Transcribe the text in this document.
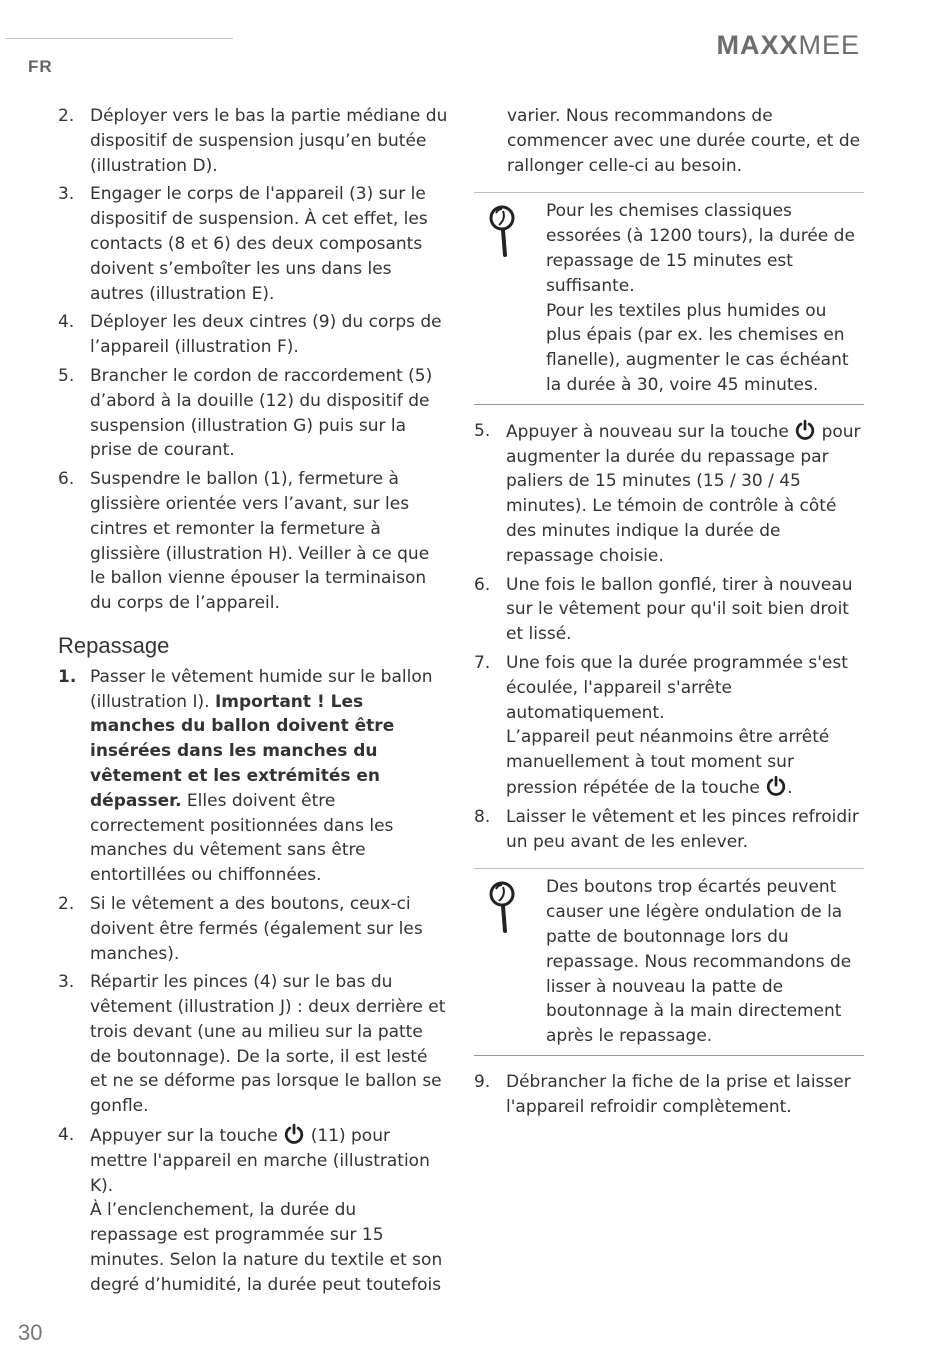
FR
MAXXMEE
30
2. Déployer vers le bas la partie médiane du dispositif de suspension jusqu’en butée (illustration D).
3. Engager le corps de l'appareil (3) sur le dispositif de suspension. À cet effet, les contacts (8 et 6) des deux composants doivent s’emboîter les uns dans les autres (illustration E).
4. Déployer les deux cintres (9) du corps de l’appareil (illustration F).
5. Brancher le cordon de raccordement (5) d’abord à la douille (12) du dispositif de suspension (illustration G) puis sur la prise de courant.
6. Suspendre le ballon (1), fermeture à glissière orientée vers l’avant, sur les cintres et remonter la fermeture à glissière (illustration H). Veiller à ce que le ballon vienne épouser la terminaison du corps de l’appareil.
Repassage
1. Passer le vêtement humide sur le ballon (illustration I). Important ! Les manches du ballon doivent être insérées dans les manches du vêtement et les extrémités en dépasser. Elles doivent être correctement positionnées dans les manches du vêtement sans être entortillées ou chiffonnées.
2. Si le vêtement a des boutons, ceux-ci doivent être fermés (également sur les manches).
3. Répartir les pinces (4) sur le bas du vêtement (illustration J) : deux derrière et trois devant (une au milieu sur la patte de boutonnage). De la sorte, il est lesté et ne se déforme pas lorsque le ballon se gonfle.
4. Appuyer sur la touche  (11) pour mettre l'appareil en marche (illustration K).
À l’enclenchement, la durée du repassage est programmée sur 15 minutes. Selon la nature du textile et son degré d’humidité, la durée peut toutefois
varier. Nous recommandons de commencer avec une durée courte, et de rallonger celle-ci au besoin.

Pour les chemises classiques essorées (à 1200 tours), la durée de repassage de 15 minutes est suffisante.

Pour les textiles plus humides ou plus épais (par ex. les chemises en flanelle), augmenter le cas échéant la durée à 30, voire 45 minutes.

5. Appuyer à nouveau sur la touche  pour augmenter la durée du repassage par paliers de 15 minutes (15 / 30 / 45 minutes). Le témoin de contrôle à côté des minutes indique la durée de repassage choisie.
6. Une fois le ballon gonflé, tirer à nouveau sur le vêtement pour qu'il soit bien droit et lissé.
7. Une fois que la durée programmée s'est écoulée, l'appareil s'arrête automatiquement.
L’appareil peut néanmoins être arrêté manuellement à tout moment sur pression répétée de la touche .
8. Laisser le vêtement et les pinces refroidir un peu avant de les enlever.

Des boutons trop écartés peuvent causer une légère ondulation de la patte de boutonnage lors du repassage. Nous recommandons de lisser à nouveau la patte de boutonnage à la main directement après le repassage.

9. Débrancher la fiche de la prise et laisser l'appareil refroidir complètement.
